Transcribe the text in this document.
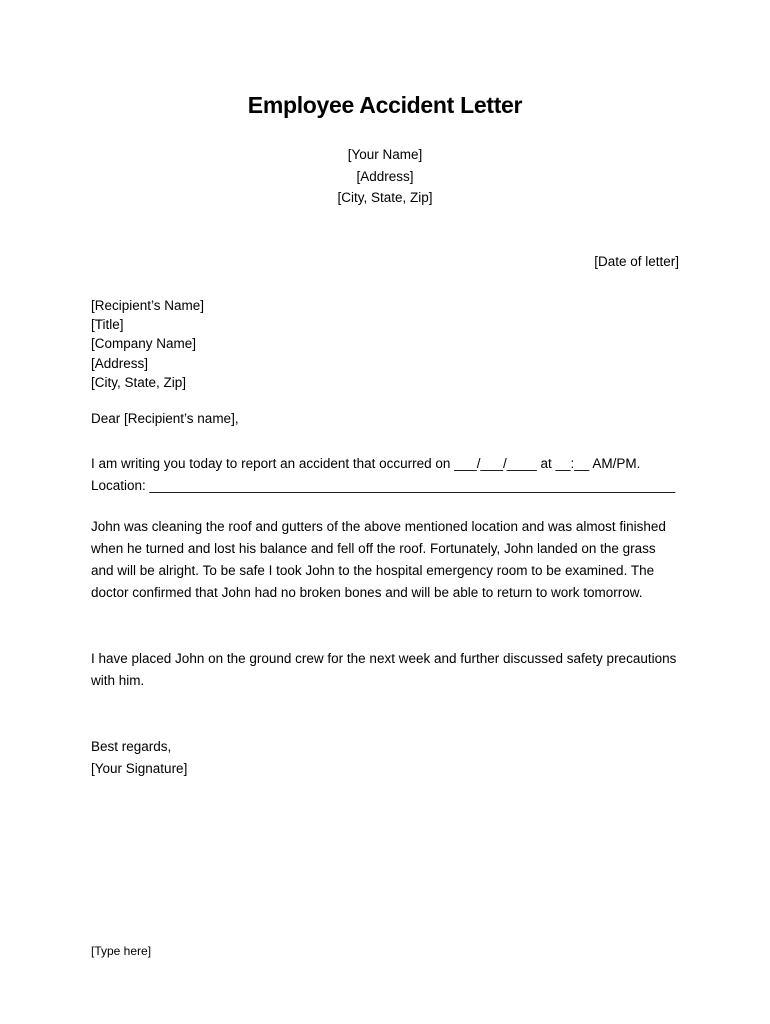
Employee Accident Letter
[Your Name]
[Address]
[City, State, Zip]
[Date of letter]
[Recipient’s Name]
[Title]
[Company Name]
[Address]
[City, State, Zip]
Dear [Recipient’s name],
I am writing you today to report an accident that occurred on ___/___/____ at __:__ AM/PM.
Location: ______________________________________________________________________
John was cleaning the roof and gutters of the above mentioned location and was almost finished when he turned and lost his balance and fell off the roof. Fortunately, John landed on the grass and will be alright. To be safe I took John to the hospital emergency room to be examined. The doctor confirmed that John had no broken bones and will be able to return to work tomorrow.
I have placed John on the ground crew for the next week and further discussed safety precautions with him.
Best regards,
[Your Signature]
[Type here]
